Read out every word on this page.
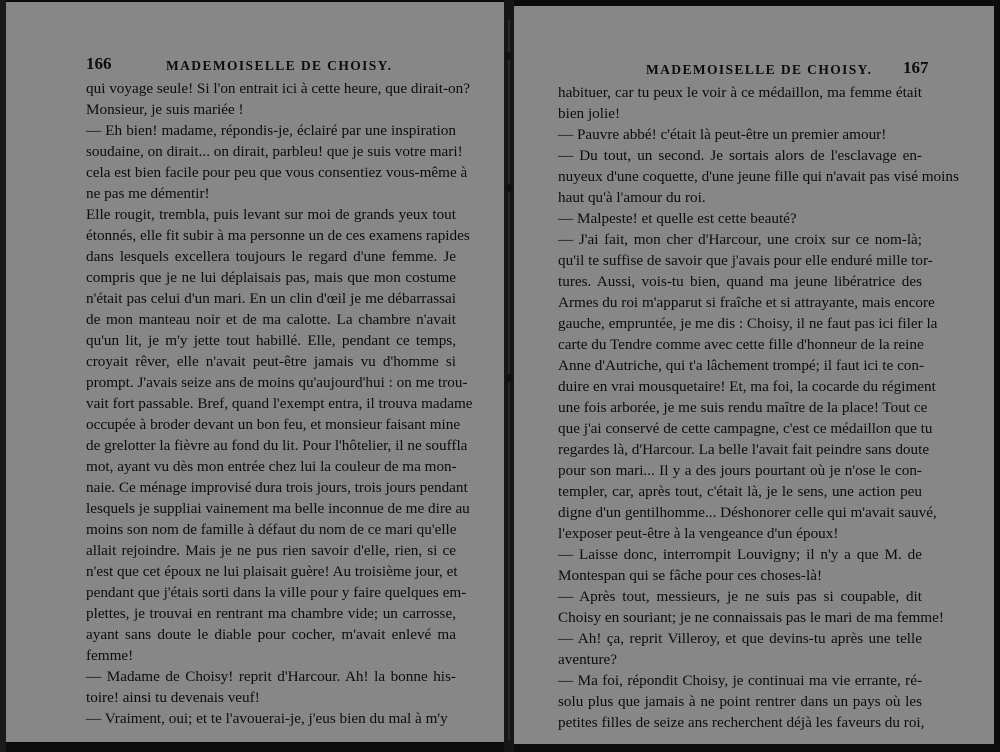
166	MADEMOISELLE DE CHOISY.
qui voyage seule! Si l'on entrait ici à cette heure, que dirait-on?
Monsieur, je suis mariée !
— Eh bien! madame, répondis-je, éclairé par une inspiration
soudaine, on dirait... on dirait, parbleu! que je suis votre mari!
cela est bien facile pour peu que vous consentiez vous-même à
ne pas me démentir!
Elle rougit, trembla, puis levant sur moi de grands yeux tout
étonnés, elle fit subir à ma personne un de ces examens rapides
dans lesquels excellera toujours le regard d'une femme. Je
compris que je ne lui déplaisais pas, mais que mon costume
n'était pas celui d'un mari. En un clin d'œil je me débarrassai
de mon manteau noir et de ma calotte. La chambre n'avait
qu'un lit, je m'y jette tout habillé. Elle, pendant ce temps,
croyait rêver, elle n'avait peut-être jamais vu d'homme si
prompt. J'avais seize ans de moins qu'aujourd'hui : on me trou-
vait fort passable. Bref, quand l'exempt entra, il trouva madame
occupée à broder devant un bon feu, et monsieur faisant mine
de grelotter la fièvre au fond du lit. Pour l'hôtelier, il ne souffla
mot, ayant vu dès mon entrée chez lui la couleur de ma mon-
naie. Ce ménage improvisé dura trois jours, trois jours pendant
lesquels je suppliai vainement ma belle inconnue de me dire au
moins son nom de famille à défaut du nom de ce mari qu'elle
allait rejoindre. Mais je ne pus rien savoir d'elle, rien, si ce
n'est que cet époux ne lui plaisait guère! Au troisième jour, et
pendant que j'étais sorti dans la ville pour y faire quelques em-
plettes, je trouvai en rentrant ma chambre vide; un carrosse,
ayant sans doute le diable pour cocher, m'avait enlevé ma
femme!
— Madame de Choisy! reprit d'Harcour. Ah! la bonne his-
toire! ainsi tu devenais veuf!
— Vraiment, oui; et te l'avouerai-je, j'eus bien du mal à m'y
MADEMOISELLE DE CHOISY. 167
habituer, car tu peux le voir à ce médaillon, ma femme était
bien jolie!
— Pauvre abbé! c'était là peut-être un premier amour!
— Du tout, un second. Je sortais alors de l'esclavage en-
nuyeux d'une coquette, d'une jeune fille qui n'avait pas visé moins
haut qu'à l'amour du roi.
— Malpeste! et quelle est cette beauté?
— J'ai fait, mon cher d'Harcour, une croix sur ce nom-là;
qu'il te suffise de savoir que j'avais pour elle enduré mille tor-
tures. Aussi, vois-tu bien, quand ma jeune libératrice des
Armes du roi m'apparut si fraîche et si attrayante, mais encore
gauche, empruntée, je me dis : Choisy, il ne faut pas ici filer la
carte du Tendre comme avec cette fille d'honneur de la reine
Anne d'Autriche, qui t'a lâchement trompé; il faut ici te con-
duire en vrai mousquetaire! Et, ma foi, la cocarde du régiment
une fois arborée, je me suis rendu maître de la place! Tout ce
que j'ai conservé de cette campagne, c'est ce médaillon que tu
regardes là, d'Harcour. La belle l'avait fait peindre sans doute
pour son mari... Il y a des jours pourtant où je n'ose le con-
templer, car, après tout, c'était là, je le sens, une action peu
digne d'un gentilhomme... Déshonorer celle qui m'avait sauvé,
l'exposer peut-être à la vengeance d'un époux!
— Laisse donc, interrompit Louvigny; il n'y a que M. de
Montespan qui se fâche pour ces choses-là!
— Après tout, messieurs, je ne suis pas si coupable, dit
Choisy en souriant; je ne connaissais pas le mari de ma femme!
— Ah! ça, reprit Villeroy, et que devins-tu après une telle
aventure?
— Ma foi, répondit Choisy, je continuai ma vie errante, ré-
solu plus que jamais à ne point rentrer dans un pays où les
petites filles de seize ans recherchent déjà les faveurs du roi,
